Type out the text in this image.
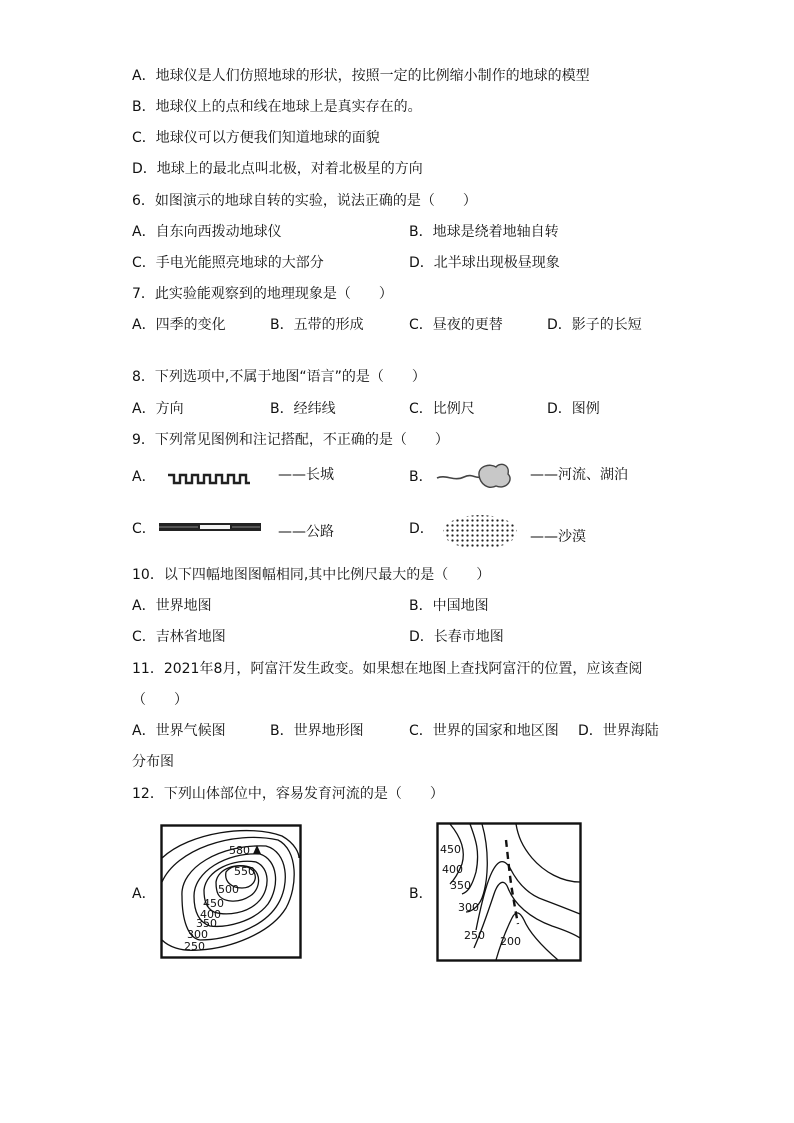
A．地球仪是人们仿照地球的形状，按照一定的比例缩小制作的地球的模型
B．地球仪上的点和线在地球上是真实存在的。
C．地球仪可以方便我们知道地球的面貌
D．地球上的最北点叫北极，对着北极星的方向
6．如图演示的地球自转的实验，说法正确的是（　　）
A．自东向西拨动地球仪	B．地球是绕着地轴自转
C．手电光能照亮地球的大部分	D．北半球出现极昼现象
7．此实验能观察到的地理现象是（　　）
A．四季的变化	B．五带的形成	C．昼夜的更替	D．影子的长短
8．下列选项中,不属于地图“语言”的是（　　）
A．方向	B．经纬线	C．比例尺	D．图例
9．下列常见图例和注记搭配，不正确的是（　　）
A．	——长城	B．	——河流、湖泊
C．	——公路	D．	——沙漠
10．以下四幅地图图幅相同,其中比例尺最大的是（　　）
A．世界地图	B．中国地图
C．吉林省地图	D．长春市地图
11．2021年8月，阿富汗发生政变。如果想在地图上查找阿富汗的位置，应该查阅
（　　）
A．世界气候图	B．世界地形图	C．世界的国家和地区图 D．世界海陆
分布图
12．下列山体部位中，容易发育河流的是（　　）
A．
580
550
500
450
400
350
300
250
B．
450
400
350
300
250 200
